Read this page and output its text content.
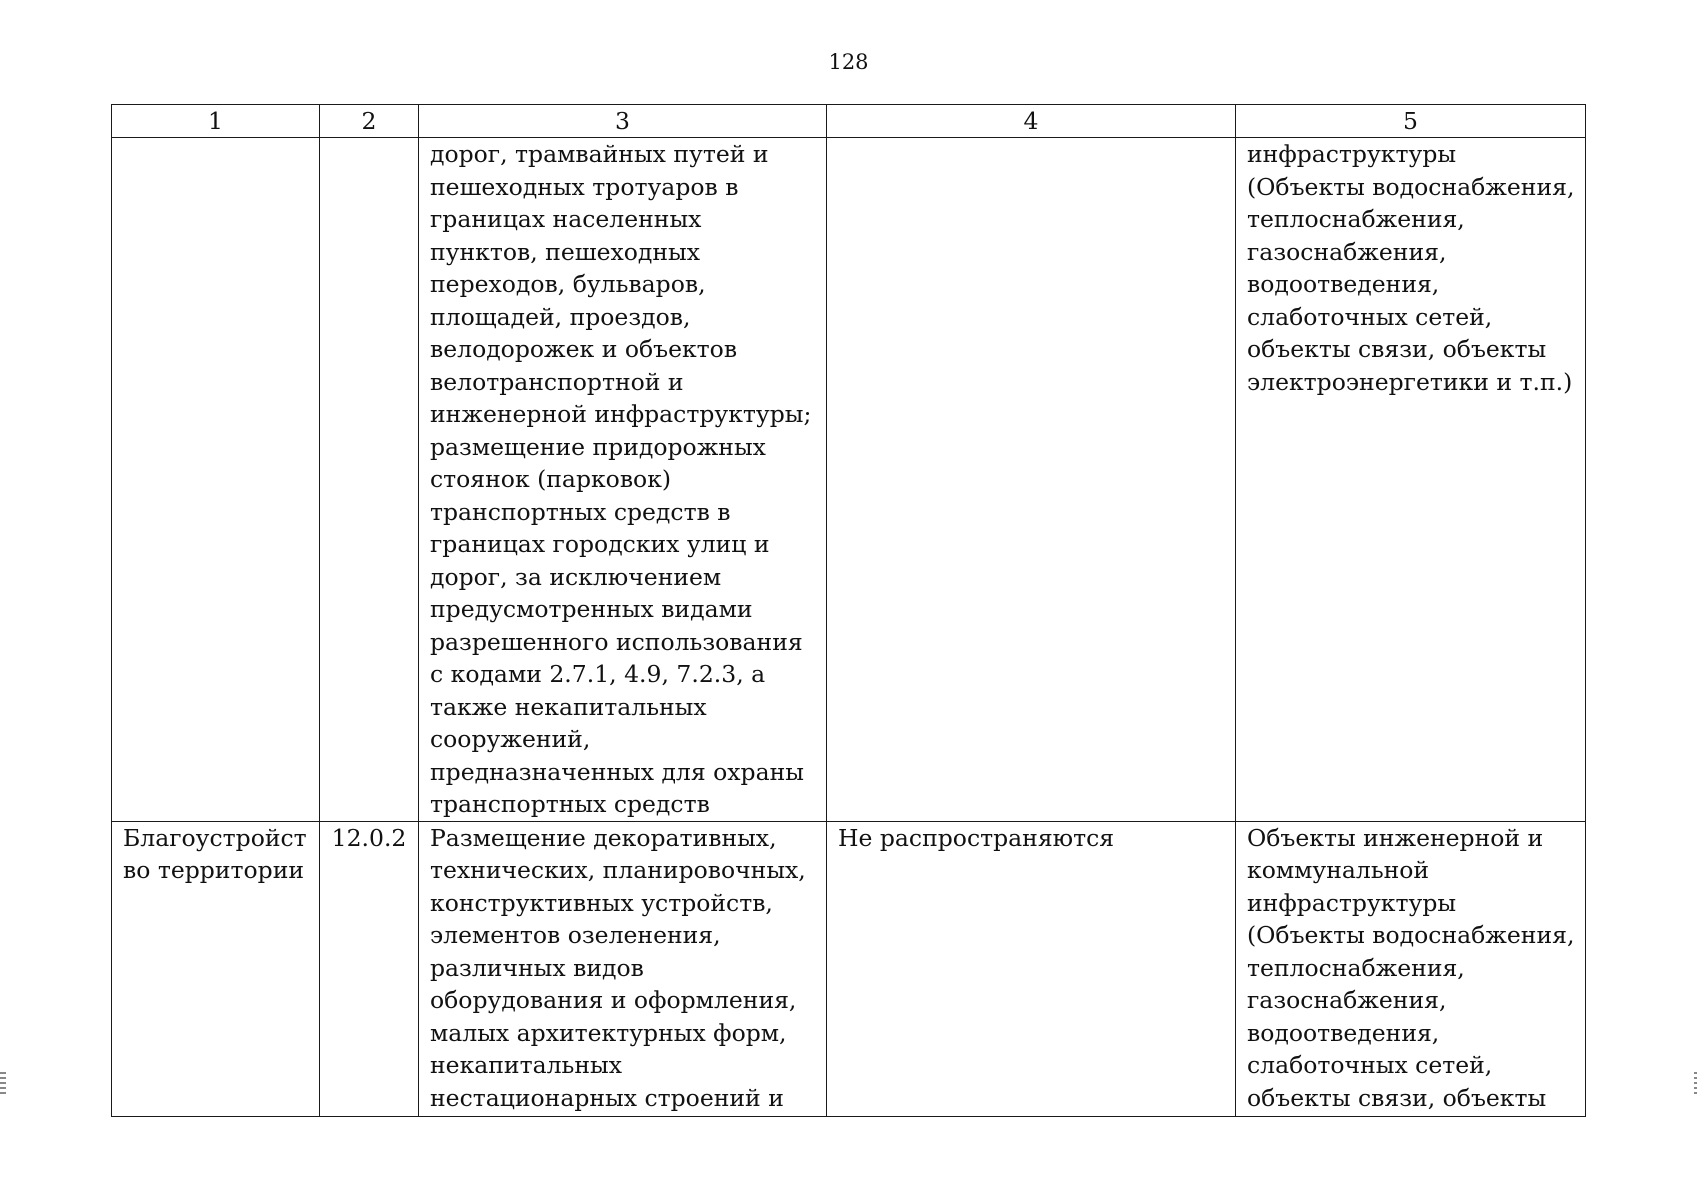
128
1	2	3	4	5

		дорог, трамвайных путей и пешеходных тротуаров в границах населенных пунктов, пешеходных переходов, бульваров, площадей, проездов, велодорожек и объектов велотранспортной и инженерной инфраструктуры; размещение придорожных стоянок (парковок) транспортных средств в границах городских улиц и дорог, за исключением предусмотренных видами разрешенного использования с кодами 2.7.1, 4.9, 7.2.3, а также некапитальных сооружений, предназначенных для охраны транспортных средств		инфраструктуры (Объекты водоснабжения, теплоснабжения, газоснабжения, водоотведения, слаботочных сетей, объекты связи, объекты электроэнергетики и т.п.)

Благоустройст во территории	12.0.2	Размещение декоративных, технических, планировочных, конструктивных устройств, элементов озеленения, различных видов оборудования и оформления, малых архитектурных форм, некапитальных нестационарных строений и	Не распространяются	Объекты инженерной и коммунальной инфраструктуры (Объекты водоснабжения, теплоснабжения, газоснабжения, водоотведения, слаботочных сетей, объекты связи, объекты
